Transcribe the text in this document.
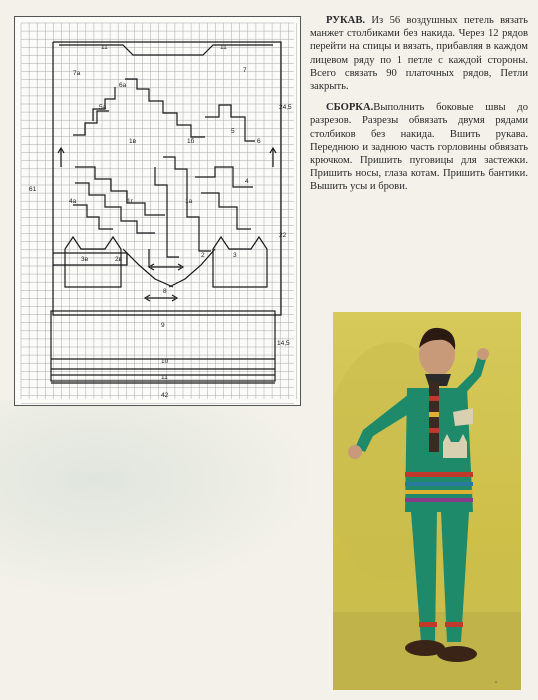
11	11
7а	7
6а
5а	24,5
5
6
1в	1б
61
4а	1г	1а
4
22
3в	2в
2	3
8
9
14,5
10
11
42

РУКАВ. Из 56 воздушных петель вязать манжет столбиками без накида. Через 12 рядов перейти на спицы и вязать, прибавляя в каждом лицевом ряду по 1 петле с каждой стороны. Всего связать 90 платочных рядов, Петли закрыть.

СБОРКА.Выполнить боковые швы до разрезов. Разрезы обвязать двумя рядами столбиков без накида. Вшить рукава. Переднюю и заднюю часть горловины обвязать крючком. Пришить пуговицы для застежки. Пришить носы, глаза котам. Пришить бантики. Вышить усы и брови.

"
